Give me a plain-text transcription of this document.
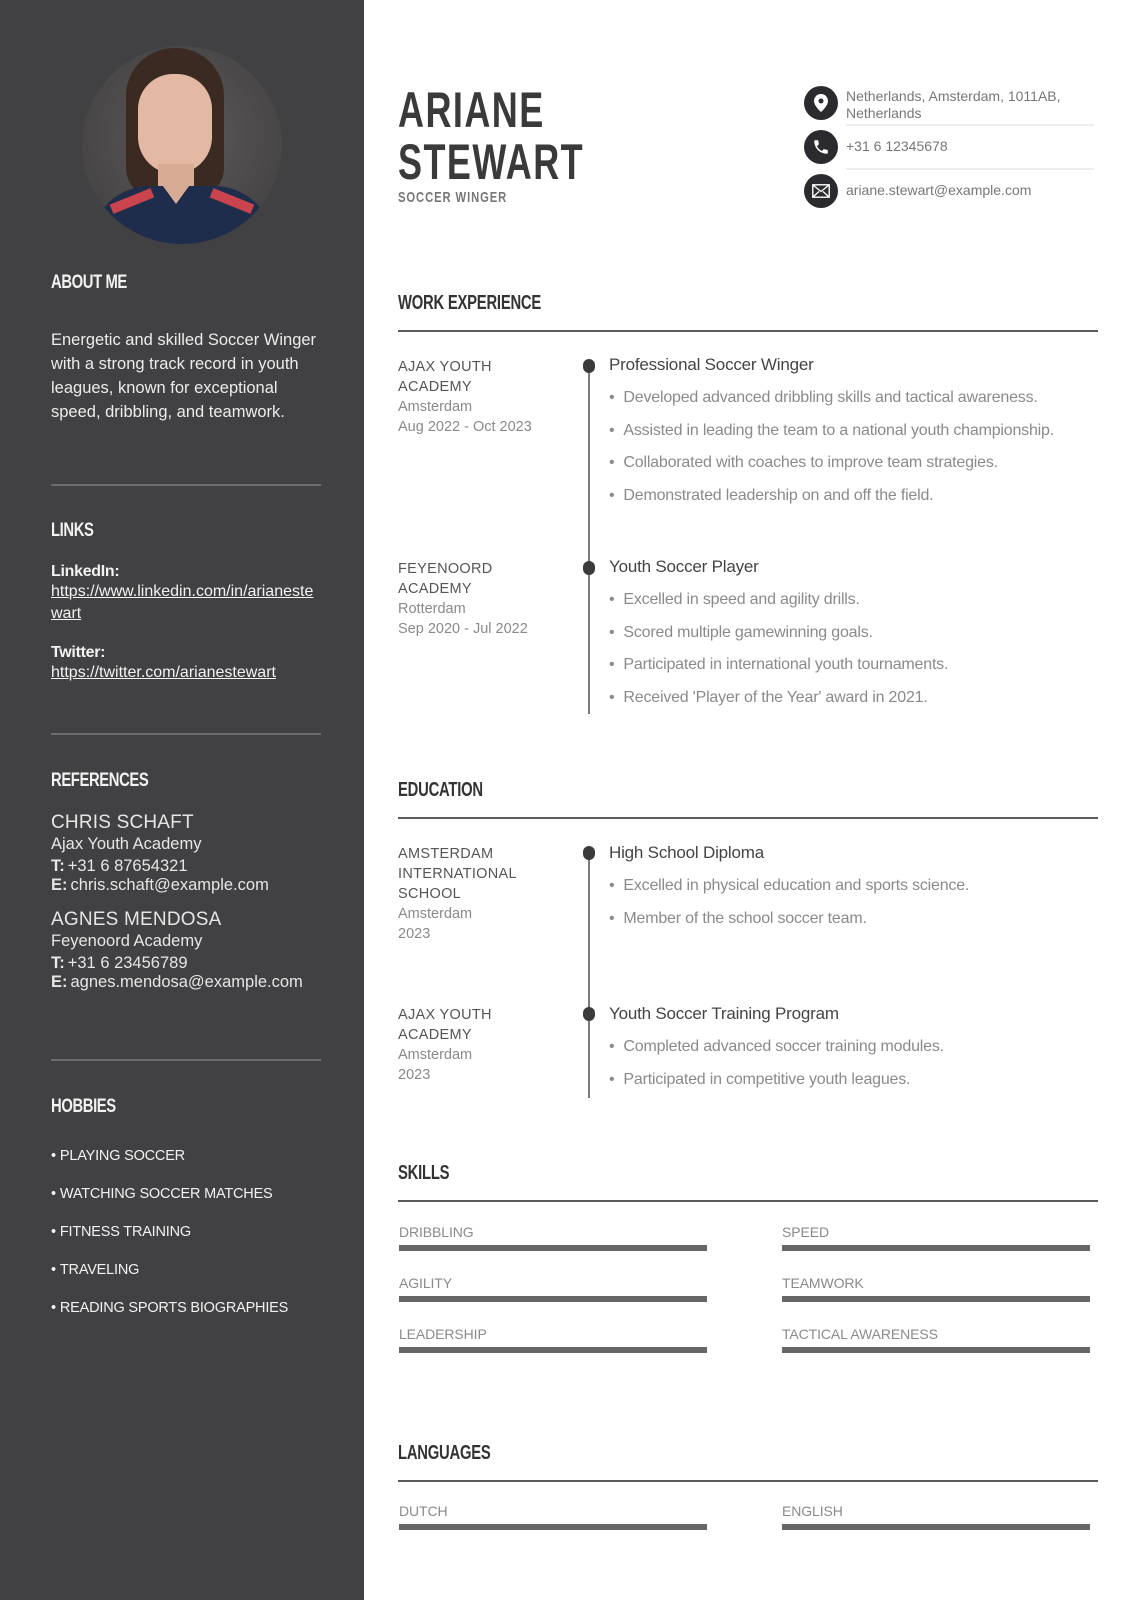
ABOUT ME

Energetic and skilled Soccer Winger with a strong track record in youth leagues, known for exceptional speed, dribbling, and teamwork.

LINKS
LinkedIn:
https://www.linkedin.com/in/arianestewart
Twitter:
https://twitter.com/arianestewart
REFERENCES
CHRIS SCHAFT
Ajax Youth Academy
T: +31 6 87654321
E: chris.schaft@example.com
AGNES MENDOSA
Feyenoord Academy
T: +31 6 23456789
E: agnes.mendosa@example.com
HOBBIES
• PLAYING SOCCER
• WATCHING SOCCER MATCHES
• FITNESS TRAINING
• TRAVELING
• READING SPORTS BIOGRAPHIES
ARIANE
STEWART
SOCCER WINGER
Netherlands, Amsterdam, 1011AB, Netherlands
+31 6 12345678
ariane.stewart@example.com
WORK EXPERIENCE
AJAX YOUTH ACADEMY
Amsterdam
Aug 2022 - Oct 2023
Professional Soccer Winger
• Developed advanced dribbling skills and tactical awareness.
• Assisted in leading the team to a national youth championship.
• Collaborated with coaches to improve team strategies.
• Demonstrated leadership on and off the field.
FEYENOORD ACADEMY
Rotterdam
Sep 2020 - Jul 2022
Youth Soccer Player
• Excelled in speed and agility drills.
• Scored multiple gamewinning goals.
• Participated in international youth tournaments.
• Received 'Player of the Year' award in 2021.
EDUCATION
AMSTERDAM INTERNATIONAL SCHOOL
Amsterdam
2023
High School Diploma
• Excelled in physical education and sports science.
• Member of the school soccer team.
AJAX YOUTH ACADEMY
Amsterdam
2023
Youth Soccer Training Program
• Completed advanced soccer training modules.
• Participated in competitive youth leagues.
SKILLS
DRIBBLING	SPEED
AGILITY	TEAMWORK
LEADERSHIP	TACTICAL AWARENESS
LANGUAGES
DUTCH	ENGLISH
